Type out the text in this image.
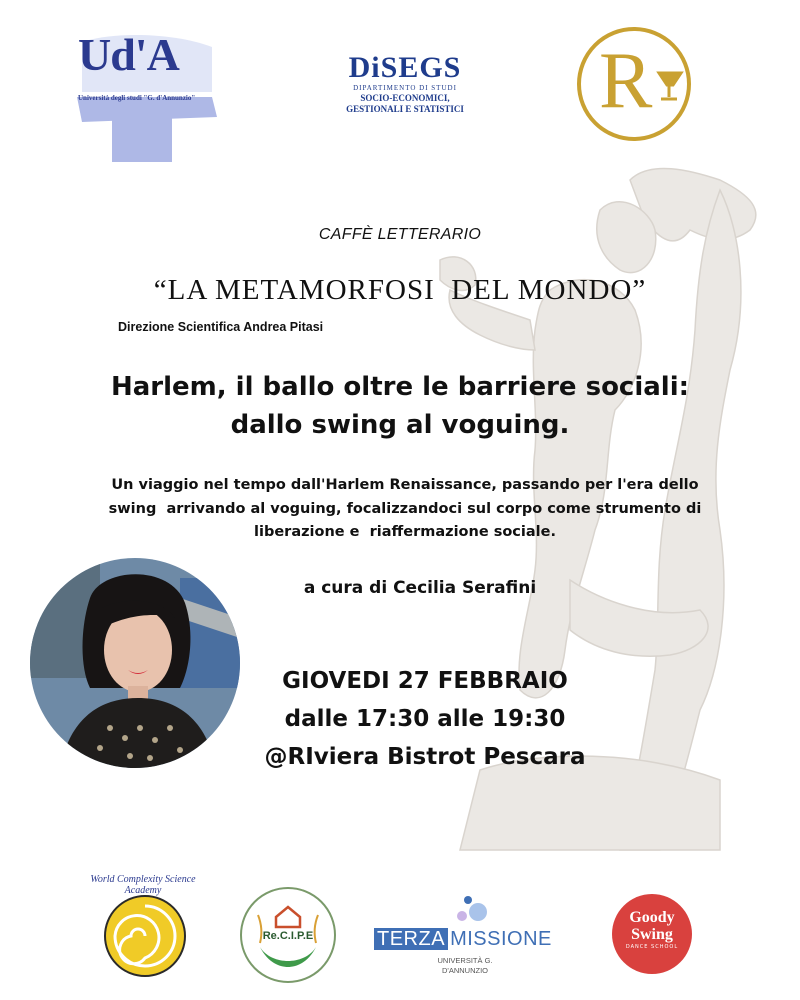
Ud'A
Università degli studi "G. d'Annunzio"
DiSEGS
DIPARTIMENTO DI STUDI
SOCIO-ECONOMICI,
GESTIONALI E STATISTICI R
CAFFÈ LETTERARIO
“LA METAMORFOSI  DEL MONDO”
Direzione Scientifica Andrea Pitasi
Harlem, il ballo oltre le barriere sociali:
dallo swing al voguing.
Un viaggio nel tempo dall'Harlem Renaissance, passando per l'era dello
swing  arrivando al voguing, focalizzandoci sul corpo come strumento di
liberazione e  riaffermazione sociale.
a cura di Cecilia Serafini
GIOVEDI 27 FEBBRAIO
dalle 17:30 alle 19:30
@RIviera Bistrot Pescara
World Complexity Science Academy
Re.C.I.P.E	TERZA MISSIONE
UNIVERSITÀ G.
D'ANNUNZIO
Goody
Swing
DANCE SCHOOL
